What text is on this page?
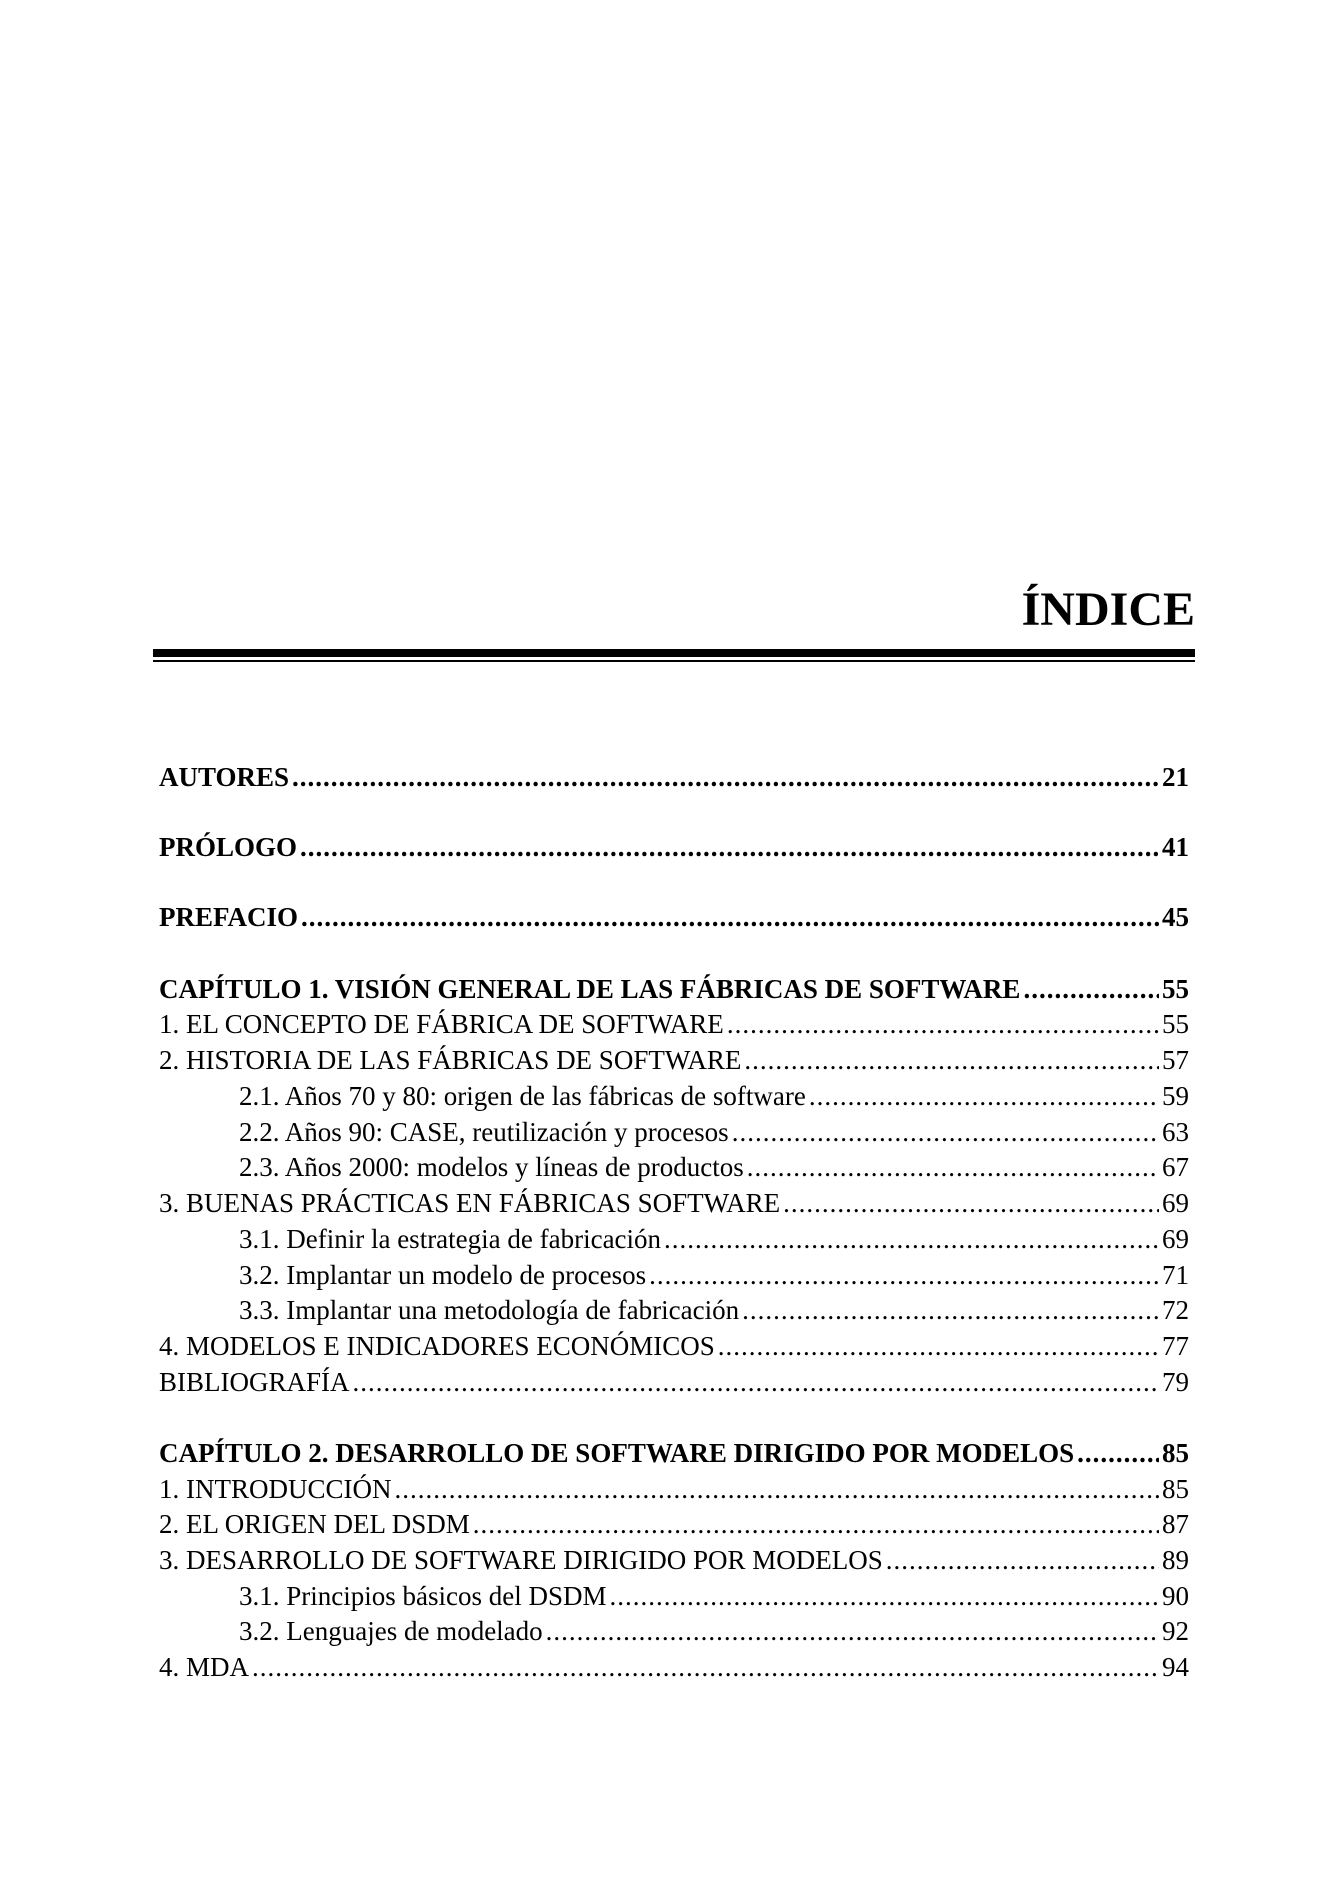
ÍNDICE
AUTORES .....	21
PRÓLOGO .....	41
PREFACIO .....	45
CAPÍTULO 1. VISIÓN GENERAL DE LAS FÁBRICAS DE SOFTWARE .....	55
1. EL CONCEPTO DE FÁBRICA DE SOFTWARE .....	55
2. HISTORIA DE LAS FÁBRICAS DE SOFTWARE .....	57
2.1. Años 70 y 80: origen de las fábricas de software .....	59
2.2. Años 90: CASE, reutilización y procesos .....	63
2.3. Años 2000: modelos y líneas de productos .....	67
3. BUENAS PRÁCTICAS EN FÁBRICAS SOFTWARE .....	69
3.1. Definir la estrategia de fabricación .....	69
3.2. Implantar un modelo de procesos .....	71
3.3. Implantar una metodología de fabricación .....	72
4. MODELOS E INDICADORES ECONÓMICOS .....	77
BIBLIOGRAFÍA .....	79
CAPÍTULO 2. DESARROLLO DE SOFTWARE DIRIGIDO POR MODELOS .....	85
1. INTRODUCCIÓN .....	85
2. EL ORIGEN DEL DSDM .....	87
3. DESARROLLO DE SOFTWARE DIRIGIDO POR MODELOS .....	89
3.1. Principios básicos del DSDM .....	90
3.2. Lenguajes de modelado .....	92
4. MDA .....	94
